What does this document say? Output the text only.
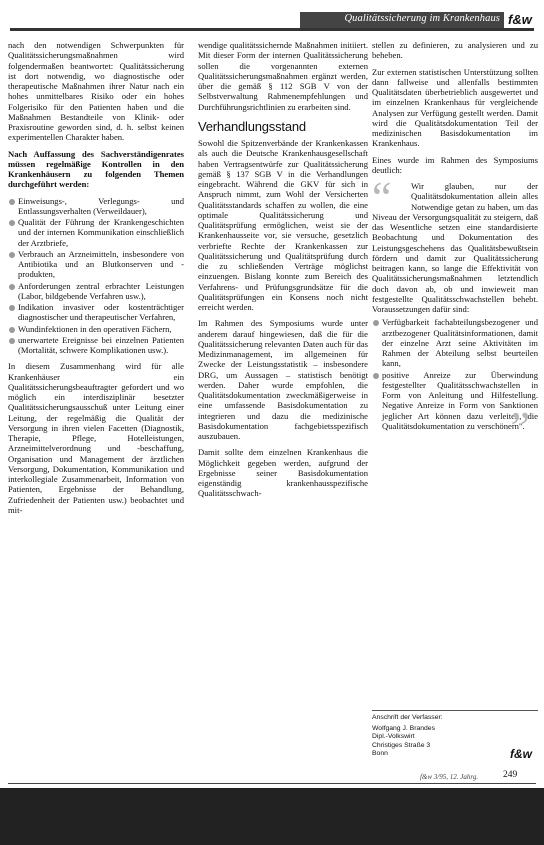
Qualitätssicherung im Krankenhaus f&w

nach den notwendigen Schwerpunkten für Qualitätssicherungsmaßnahmen wird folgendermaßen beantwortet: Qualitätssicherung ist dort notwendig, wo diagnostische oder therapeutische Maßnahmen ihrer Natur nach ein hohes unmittelbares Risiko oder ein hohes Folgerisiko für den Patienten haben und die Maßnahmen Bestandteile von Klinik- oder Praxisroutine geworden sind, d. h. selbst keinen experimentellen Charakter haben.

Nach Auffassung des Sachverständigenrates müssen regelmäßige Kontrollen in den Krankenhäusern zu folgenden Themen durchgeführt werden:

Einweisungs-, Verlegungs- und Entlassungsverhalten (Verweildauer),
Qualität der Führung der Krankengeschichten und der internen Kommunikation einschließlich der Arztbriefe,
Verbrauch an Arzneimitteln, insbesondere von Antibiotika und an Blutkonserven und -produkten,
Anforderungen zentral erbrachter Leistungen (Labor, bildgebende Verfahren usw.),
Indikation invasiver oder kostenträchtiger diagnostischer und therapeutischer Verfahren,
Wundinfektionen in den operativen Fächern,
unerwartete Ereignisse bei einzelnen Patienten (Mortalität, schwere Komplikationen usw.).

In diesem Zusammenhang wird für alle Krankenhäuser ein Qualitätssicherungsbeauftragter gefordert und wo möglich ein interdisziplinär besetzter Qualitätssicherungsausschuß unter Leitung einer Leitung, der regelmäßig die Qualität der Versorgung in ihren vielen Facetten (Diagnostik, Therapie, Pflege, Hotelleistungen, Arzneimittelverordnung und -beschaffung, Organisation und Management der ärztlichen Versorgung, Dokumentation, Kommunikation und interkollegiale Zusammenarbeit, Information von Patienten, Ergebnisse der Behandlung, Zufriedenheit der Patienten usw.) beobachtet und mit-

wendige qualitätssichernde Maßnahmen initiiert. Mit dieser Form der internen Qualitätssicherung sollen die vorgenannten externen Qualitätssicherungsmaßnahmen ergänzt werden, über die gemäß § 112 SGB V von der Selbstverwaltung Rahmenempfehlungen und Durchführungsrichtlinien zu erarbeiten sind.

Verhandlungsstand

Sowohl die Spitzenverbände der Krankenkassen als auch die Deutsche Krankenhausgesellschaft haben Vertragsentwürfe zur Qualitätssicherung gemäß § 137 SGB V in die Verhandlungen eingebracht. Während die GKV für sich in Anspruch nimmt, zum Wohl der Versicherten Qualitätsstandards schaffen zu wollen, die eine optimale Qualitätssicherung und Qualitätsprüfung ermöglichen, weist sie der Krankenhausseite vor, sie versuche, gesetzlich verbriefte Rechte der Krankenkassen zur Qualitätssicherung und Qualitätsprüfung durch die zu schließenden Verträge möglichst einzuengen. Bislang konnte zum Bereich des Verfahrens- und Prüfungsgrundsätze für die Qualitätsprüfungen ein Konsens noch nicht erreicht werden.

Im Rahmen des Symposiums wurde unter anderem darauf hingewiesen, daß die für die Qualitätssicherung relevanten Daten auch für das Medizinmanagement, im allgemeinen für Zwecke der Leistungsstatistik – insbesondere DRG, um Aussagen – statistisch benötigt werden. Daher wurde empfohlen, die Qualitätsdokumentation zweckmäßigerweise in eine umfassende Basisdokumentation zu integrieren und dazu die medizinische Basisdokumentation fachgebietsspezifisch auszubauen.

Damit sollte dem einzelnen Krankenhaus die Möglichkeit gegeben werden, aufgrund der Ergebnisse seiner Basisdokumentation eigenständig krankenhausspezifische Qualitätsschwach-

stellen zu definieren, zu analysieren und zu beheben.

Zur externen statistischen Unterstützung sollten dann fallweise und allenfalls bestimmten Qualitätsdaten überbetrieblich ausgewertet und im einzelnen Krankenhaus für vergleichende Analysen zur Verfügung gestellt werden. Damit wird die Qualitätsdokumentation Teil der medizinischen Basisdokumentation im Krankenhaus.

Eines wurde im Rahmen des Symposiums deutlich:

“	Wir glauben, nur der Qualitätsdokumentation allein alles Notwendige getan zu haben, um das Niveau der Versorgungsqualität zu steigern, daß das Wesentliche setzen eine standardisierte Beobachtung und Dokumentation des Leistungsgeschehens das Qualitätsbewußtsein fördern und damit zur Qualitätssicherung beitragen kann, so lange die Effektivität von Qualitätssicherungsmaßnahmen letztendlich doch davon ab, ob und inwieweit man festgestellte Qualitätsschwachstellen behebt. Voraussetzungen dafür sind:

Verfügbarkeit fachabteilungsbezogener und arztbezogener Qualitätsinformationen, damit der einzelne Arzt seine Aktivitäten im Rahmen der Abteilung selbst beurteilen kann,
positive Anreize zur Überwindung festgestellter Qualitätsschwachstellen in Form von Anleitung und Hilfestellung. Negative Anreize in Form von Sanktionen jeglicher Art können dazu verleiten, die Qualitätsdokumentation zu verschönern".
”
Anschrift der Verfasser:
Wolfgang J. Brandes
Dipl.-Volkswirt
Christiges Straße 3
Bonn	f&w
f&w 3/95, 12. Jahrg.	249
